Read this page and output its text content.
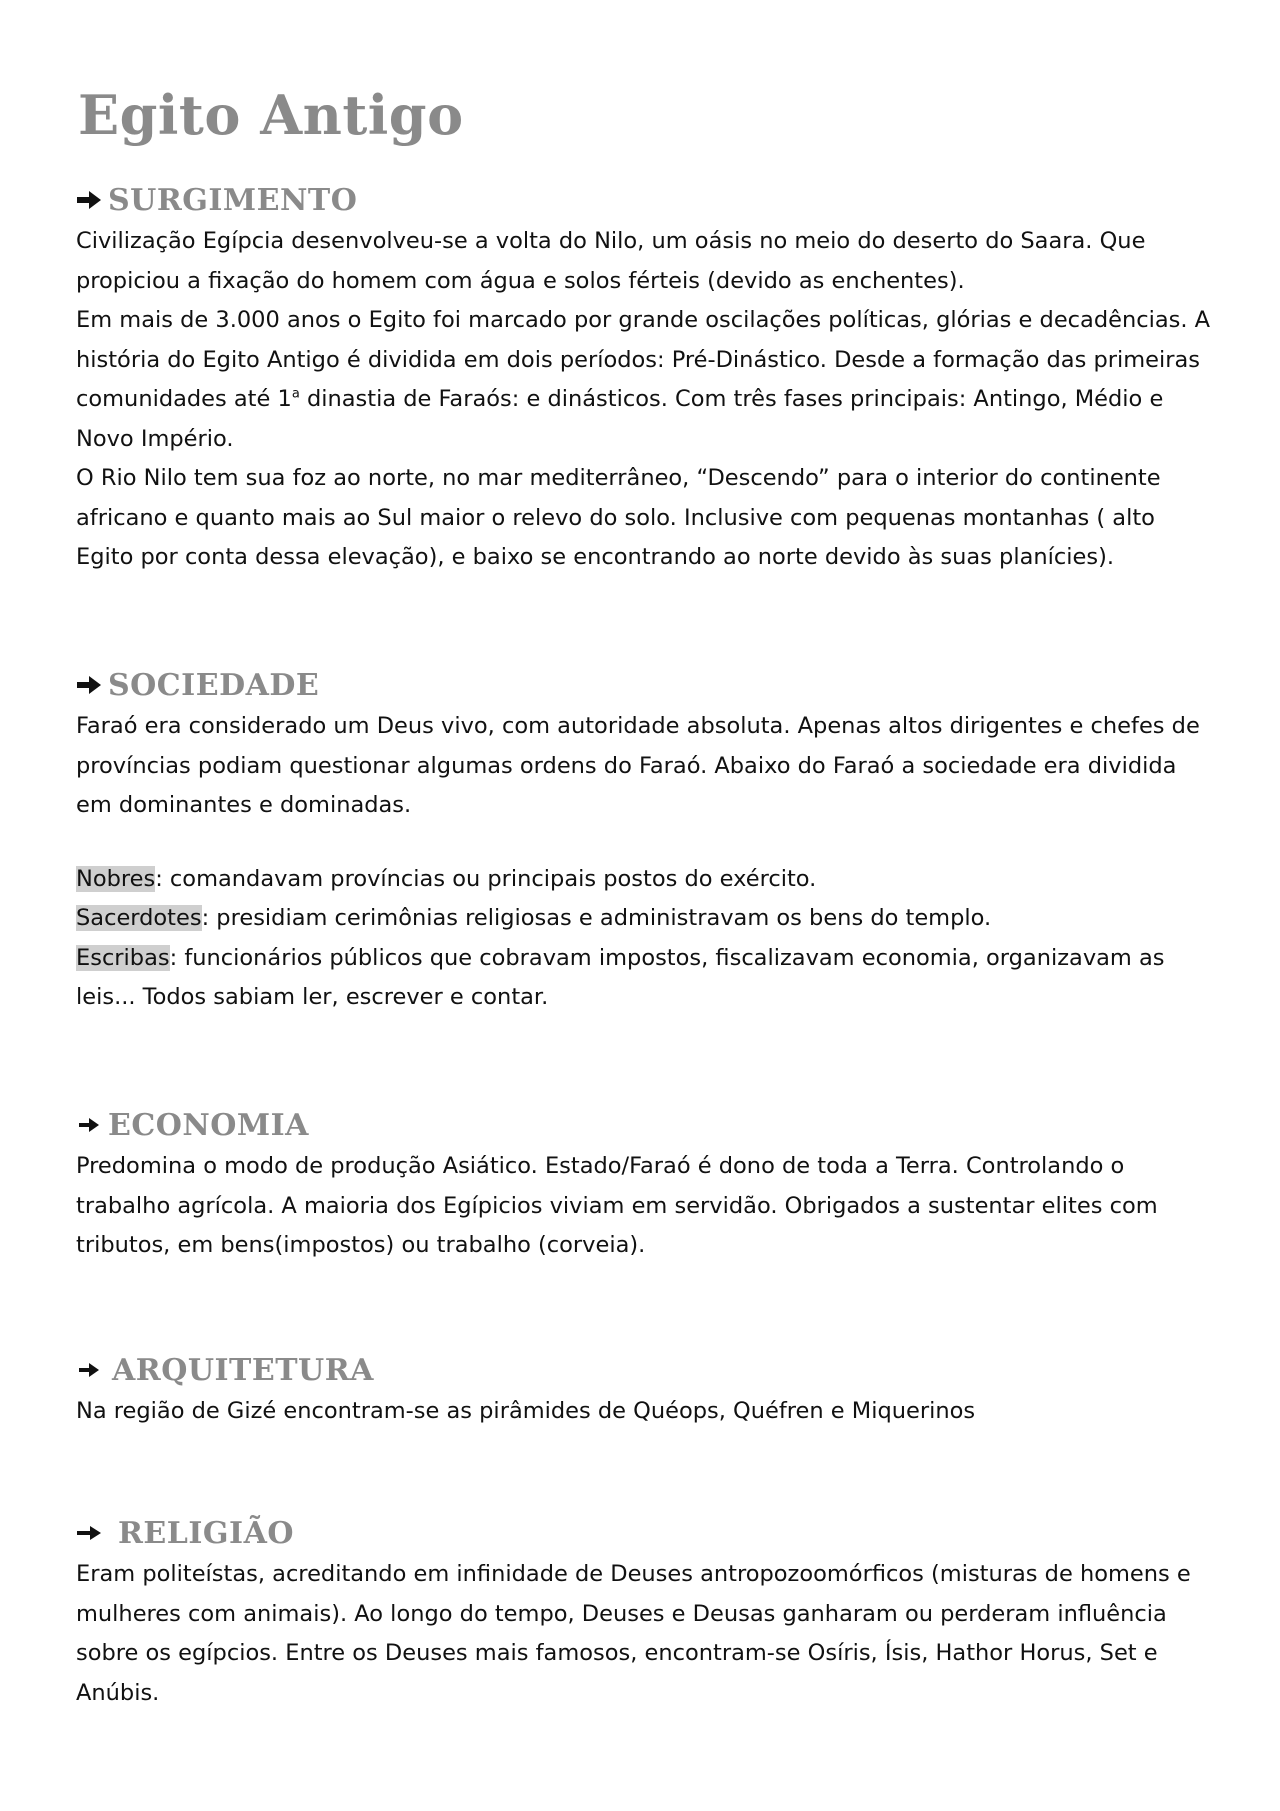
Egito Antigo
SURGIMENTO

Civilização Egípcia desenvolveu-se a volta do Nilo, um oásis no meio do deserto do Saara. Que propiciou a fixação do homem com água e solos férteis (devido as enchentes).

Em mais de 3.000 anos o Egito foi marcado por grande oscilações políticas, glórias e decadências. A história do Egito Antigo é dividida em dois períodos: Pré-Dinástico. Desde a formação das primeiras comunidades até 1$^a$ dinastia de Faraós: e dinásticos. Com três fases principais: Antingo, Médio e Novo Império.

O Rio Nilo tem sua foz ao norte, no mar mediterrâneo, “Descendo” para o interior do continente africano e quanto mais ao Sul maior o relevo do solo. Inclusive com pequenas montanhas ( alto Egito por conta dessa elevação), e baixo se encontrando ao norte devido às suas planícies).

SOCIEDADE

Faraó era considerado um Deus vivo, com autoridade absoluta. Apenas altos dirigentes e chefes de províncias podiam questionar algumas ordens do Faraó. Abaixo do Faraó a sociedade era dividida em dominantes e dominadas.

Nobres: comandavam províncias ou principais postos do exército.

Sacerdotes: presidiam cerimônias religiosas e administravam os bens do templo.

Escribas: funcionários públicos que cobravam impostos, fiscalizavam economia, organizavam as leis... Todos sabiam ler, escrever e contar.

ECONOMIA

Predomina o modo de produção Asiático. Estado/Faraó é dono de toda a Terra. Controlando o trabalho agrícola. A maioria dos Egípicios viviam em servidão. Obrigados a sustentar elites com tributos, em bens(impostos) ou trabalho (corveia).

ARQUITETURA

Na região de Gizé encontram-se as pirâmides de Quéops, Quéfren e Miquerinos

RELIGIÃO

Eram politeístas, acreditando em infinidade de Deuses antropozoomórficos (misturas de homens e mulheres com animais). Ao longo do tempo, Deuses e Deusas ganharam ou perderam influência sobre os egípcios. Entre os Deuses mais famosos, encontram-se Osíris, Ísis, Hathor Horus, Set e Anúbis.
